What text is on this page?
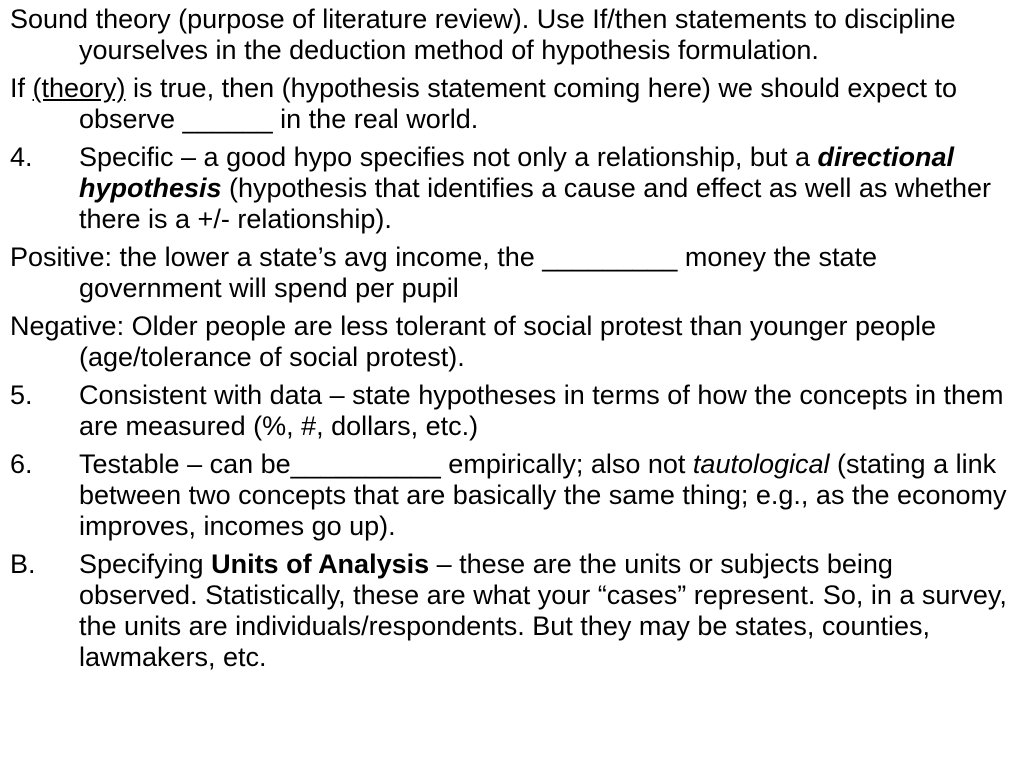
Sound theory (purpose of literature review). Use If/then statements to discipline yourselves in the deduction method of hypothesis formulation.

If (theory) is true, then (hypothesis statement coming here) we should expect to observe ______ in the real world.

4. Specific – a good hypo specifies not only a relationship, but a directional hypothesis (hypothesis that identifies a cause and effect as well as whether there is a +/- relationship).

Positive: the lower a state’s avg income, the _________ money the state government will spend per pupil

Negative: Older people are less tolerant of social protest than younger people (age/tolerance of social protest).

5. Consistent with data – state hypotheses in terms of how the concepts in them are measured (%, #, dollars, etc.)

6. Testable – can be__________ empirically; also not tautological (stating a link between two concepts that are basically the same thing; e.g., as the economy improves, incomes go up).

B. Specifying Units of Analysis – these are the units or subjects being observed. Statistically, these are what your “cases” represent. So, in a survey, the units are individuals/respondents. But they may be states, counties, lawmakers, etc.
